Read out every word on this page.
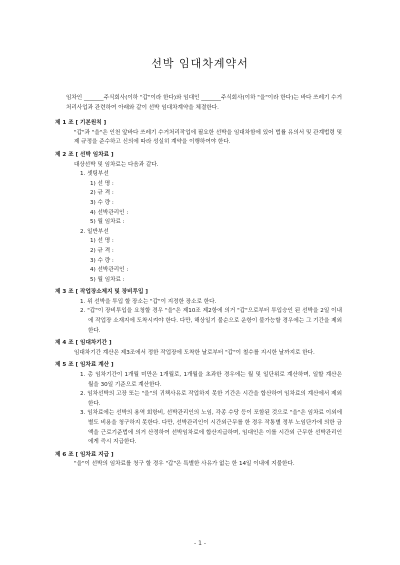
선박 임대차계약서

임차인 _______주식회사(이하 "갑"이라 한다)와 임대인 _______주식회사(이하 "을"이라 한다)는 바다 쓰레기 수거처리사업과 관련하여 아래와 같이 선박 임대차계약을 체결한다.

제 1 조 [ 기본원칙 ]

"갑"과 "을"은 인천 앞바다 쓰레기 수거처리작업에 필요한 선박을 임대차함에 있어 법률 유의서 및 관계법령 및 제 규정을 준수하고 신의에 따라 성실히 계약을 이행하여야 한다.

제 2 조 [ 선박 임차료 ]

대상선박 및 임차료는 다음과 같다.

1. 셋팅부선

1) 선 명 :

2) 규 격 :

3) 수 량 :

4) 선박관리인 :

5) 월 임차료 :

2. 일반부선

1) 선 명 :

2) 규 격 :

3) 수 량 :

4) 선박관리인 :

5) 월 임차료 :

제 3 조 [ 작업장소제지 및 장비투입 ]

1. 위 선박을 투입 할 장소는 "갑"이 지정한 장소로 한다.

2. "갑"이 장비투입을 요청할 경우 "을"은 제10조 제2항에 의거 "갑"으로부터 투입승인 된 선박을 2일 이내에 작업장 소재지에 도착시켜야 한다. 다만, 해상일기 불순으로 운항이 불가능할 경우에는 그 기간을 제외한다.

제 4 조 [ 임대차기간 ]

임대차기간 계산은 제3조에서 정한 작업장에 도착한 날로부터 "갑"이 철수를 지시한 날까지로 한다.

제 5 조 [ 임차료 계산 ]

1. 총 임차기간이 1개월 미만은 1개월로, 1개월을 초과한 경우에는 월 및 일단위로 계산하며, 일할 계산은 월을 30일 기준으로 계산한다.

2. 임차선박의 고장 또는 "을"의 귀책사유로 작업하지 못한 기간은 시간을 합산하여 임차료의 계산에서 제외한다.

3. 임차료에는 선박의 용역 회항비, 선박관리인의 노임, 각종 수당 등이 포함된 것으로 "을"은 임차료 이외에 별도 비용을 청구하지 못한다. 다만, 선박관리인이 시간외근무를 한 경우 작통별 정부 노임단가에 의한 금액을 근로기준법에 의거 산정하여 선박임차료에 합산지급하며, 임대인은 이를 시간외 근무한 선박관리인에게 즉시 지급한다.

제 6 조 [ 임차료 지급 ]

"을"이 선박의 임차료를 청구 할 경우 "갑"은 특별한 사유가 없는 한 14일 이내에 지불한다.

- 1 -
